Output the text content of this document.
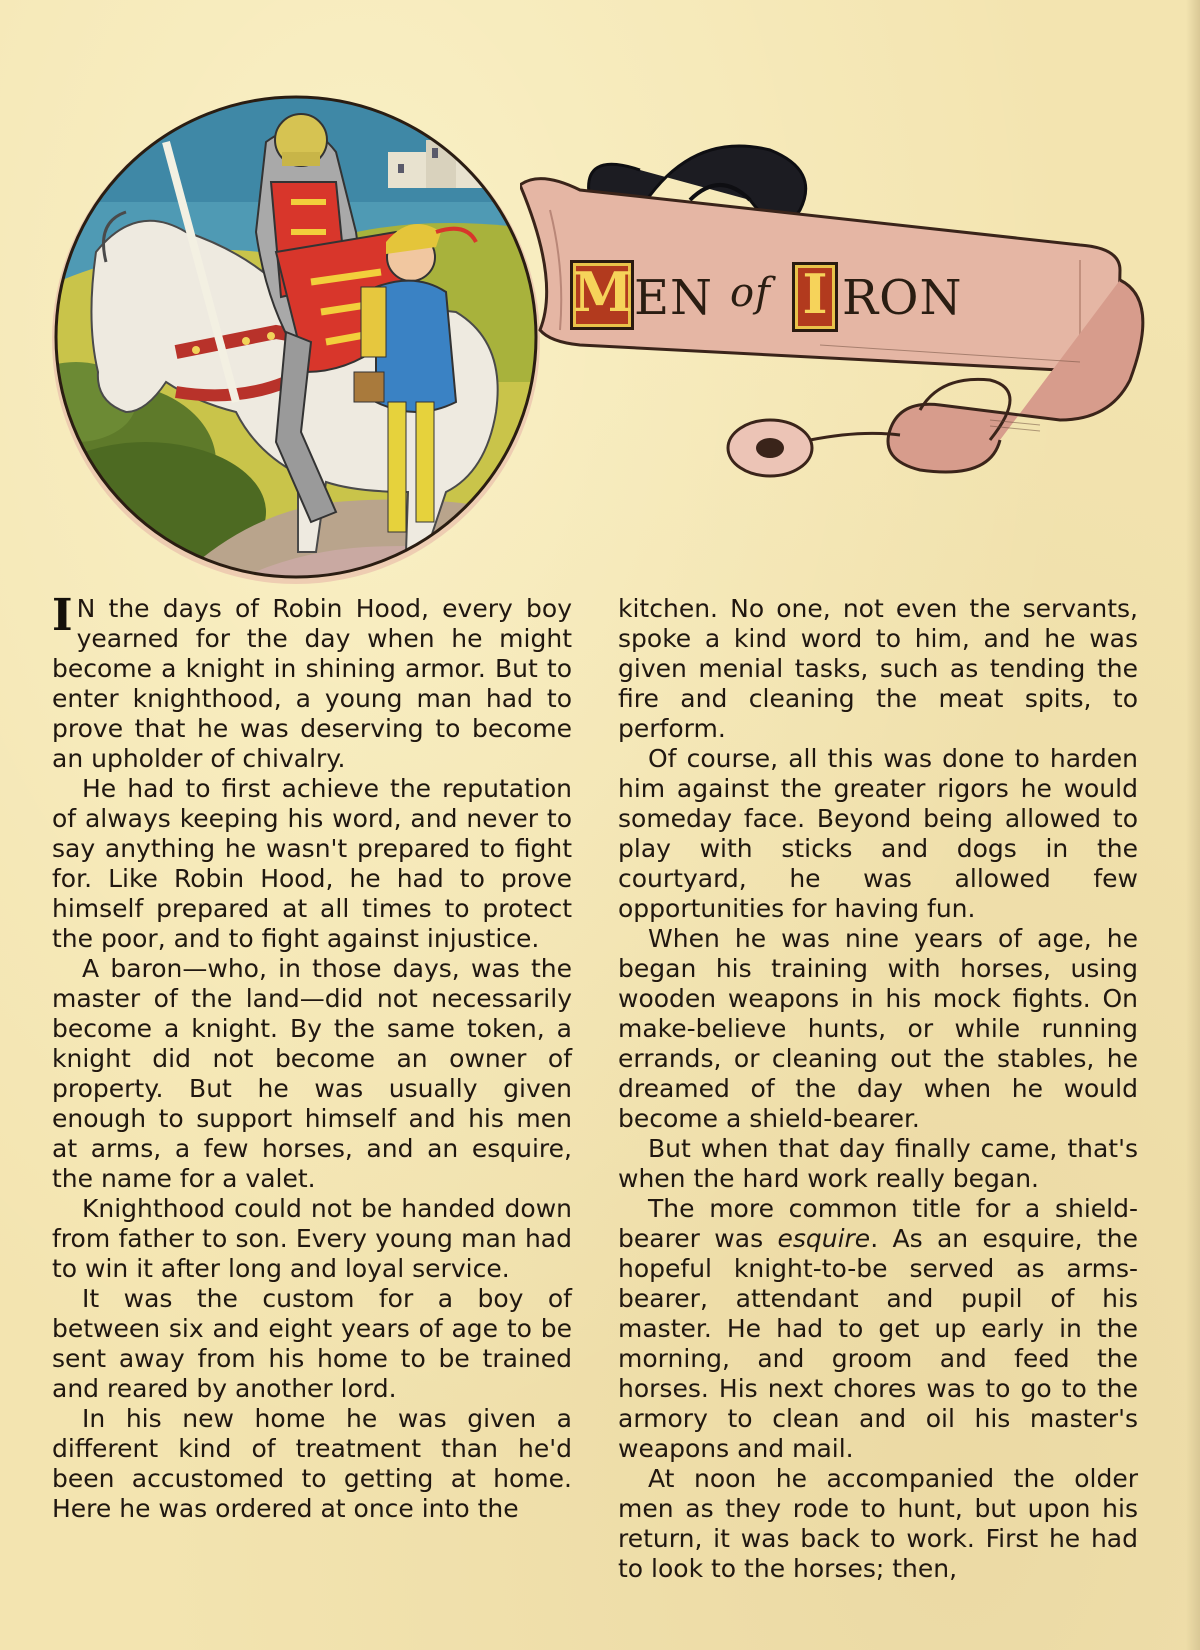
M EN of I RON

I N the days of Robin Hood, every boy yearned for the day when he might become a knight in shining armor. But to enter knighthood, a young man had to prove that he was deserving to become an upholder of chivalry.

He had to first achieve the reputation of always keeping his word, and never to say anything he wasn't prepared to fight for. Like Robin Hood, he had to prove himself prepared at all times to protect the poor, and to fight against injustice.

A baron—who, in those days, was the master of the land—did not necessarily become a knight. By the same token, a knight did not become an owner of property. But he was usually given enough to support himself and his men at arms, a few horses, and an esquire, the name for a valet.

Knighthood could not be handed down from father to son. Every young man had to win it after long and loyal service.

It was the custom for a boy of between six and eight years of age to be sent away from his home to be trained and reared by another lord.

In his new home he was given a different kind of treatment than he'd been accustomed to getting at home. Here he was ordered at once into the

kitchen. No one, not even the servants, spoke a kind word to him, and he was given menial tasks, such as tending the fire and cleaning the meat spits, to perform.

Of course, all this was done to harden him against the greater rigors he would someday face. Beyond being allowed to play with sticks and dogs in the courtyard, he was allowed few opportunities for having fun.

When he was nine years of age, he began his training with horses, using wooden weapons in his mock fights. On make-believe hunts, or while running errands, or cleaning out the stables, he dreamed of the day when he would become a shield-bearer.

But when that day finally came, that's when the hard work really began.

The more common title for a shield-bearer was esquire. As an esquire, the hopeful knight-to-be served as arms-bearer, attendant and pupil of his master. He had to get up early in the morning, and groom and feed the horses. His next chores was to go to the armory to clean and oil his master's weapons and mail.

At noon he accompanied the older men as they rode to hunt, but upon his return, it was back to work. First he had to look to the horses; then,
